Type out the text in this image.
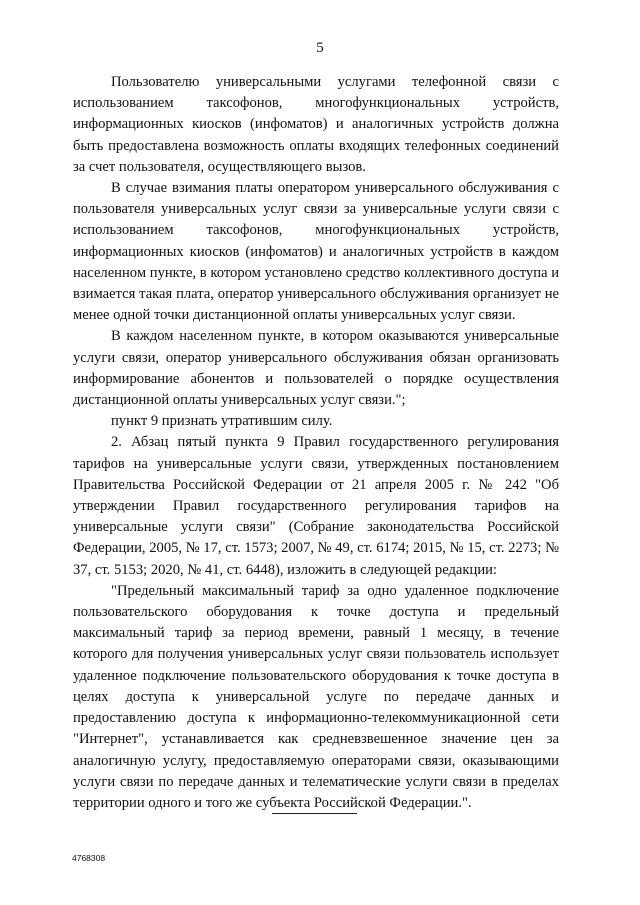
5

Пользователю универсальными услугами телефонной связи с использованием таксофонов, многофункциональных устройств, информационных киосков (инфоматов) и аналогичных устройств должна быть предоставлена возможность оплаты входящих телефонных соединений за счет пользователя, осуществляющего вызов.

В случае взимания платы оператором универсального обслуживания с пользователя универсальных услуг связи за универсальные услуги связи с использованием таксофонов, многофункциональных устройств, информационных киосков (инфоматов) и аналогичных устройств в каждом населенном пункте, в котором установлено средство коллективного доступа и взимается такая плата, оператор универсального обслуживания организует не менее одной точки дистанционной оплаты универсальных услуг связи.

В каждом населенном пункте, в котором оказываются универсальные услуги связи, оператор универсального обслуживания обязан организовать информирование абонентов и пользователей о порядке осуществления дистанционной оплаты универсальных услуг связи.";

пункт 9 признать утратившим силу.

2. Абзац пятый пункта 9 Правил государственного регулирования тарифов на универсальные услуги связи, утвержденных постановлением Правительства Российской Федерации от 21 апреля 2005 г. № 242 "Об утверждении Правил государственного регулирования тарифов на универсальные услуги связи" (Собрание законодательства Российской Федерации, 2005, № 17, ст. 1573; 2007, № 49, ст. 6174; 2015, № 15, ст. 2273; № 37, ст. 5153; 2020, № 41, ст. 6448), изложить в следующей редакции:

"Предельный максимальный тариф за одно удаленное подключение пользовательского оборудования к точке доступа и предельный максимальный тариф за период времени, равный 1 месяцу, в течение которого для получения универсальных услуг связи пользователь использует удаленное подключение пользовательского оборудования к точке доступа в целях доступа к универсальной услуге по передаче данных и предоставлению доступа к информационно-телекоммуникационной сети "Интернет", устанавливается как средневзвешенное значение цен за аналогичную услугу, предоставляемую операторами связи, оказывающими услуги связи по передаче данных и телематические услуги связи в пределах территории одного и того же субъекта Российской Федерации.".

4768308
